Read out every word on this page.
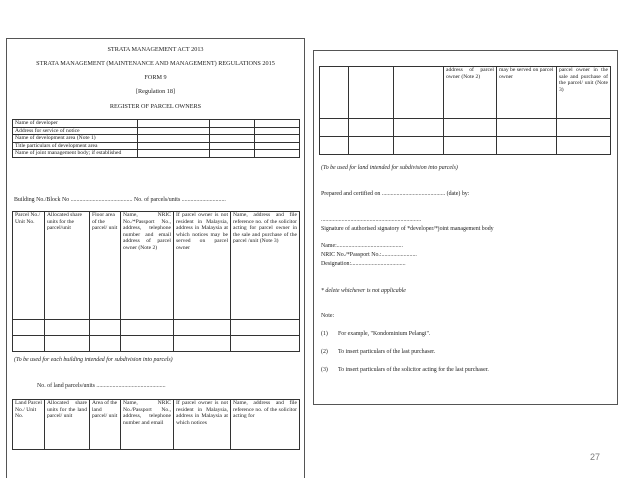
STRATA MANAGEMENT ACT 2013
STRATA MANAGEMENT (MAINTENANCE AND MANAGEMENT) REGULATIONS 2015
FORM 9
[Regulation 18]
REGISTER OF PARCEL OWNERS
Name of developer			
Address for service of notice			
Name of development area (Note 1)			
Title particulars of development area			
Name of joint management body; if established			
Building No./Block No .......................................... No. of parcels/units ..............................
Parcel No./ Unit No.	Allocated share units for the parcel/unit	Floor area of the parcel/ unit	Name, NRIC No./*Passport No., address, telephone number and email address of parcel owner (Note 2)	If parcel owner is not resident in Malaysia, address in Malaysia at which notices may be served on parcel owner	Name, address and file reference no. of the solicitor acting for parcel owner in the sale and purchase of the parcel /unit (Note 3)

(To be used for each building intended for subdivision into parcels)
No. of land parcels/units ...............................................
Land Parcel No./ Unit No.	Allocated share units for the land parcel/ unit	Area of the land parcel/ unit	Name, NRIC No./Passport No., address, telephone number and email	If parcel owner is not resident in Malaysia, address in Malaysia at which notices	Name, address and file reference no. of the solicitor acting for
			address of parcel owner (Note 2)	may be served on parcel owner	parcel owner in the sale and purchase of the parcel/ unit (Note 3)

(To be used for land intended for subdivision into parcels)
Prepared and certified on ........................................... (date) by:
....................................................................
Signature of authorised signatory of *developer/*joint management body
Name:.............................................
NRIC No./*Passport No.:........................
Designation:.....................................
* delete whichever is not applicable
Note:
(1) For example, "Kondominium Pelangi".
(2) To insert particulars of the last purchaser.
(3) To insert particulars of the solicitor acting for the last purchaser.
27
